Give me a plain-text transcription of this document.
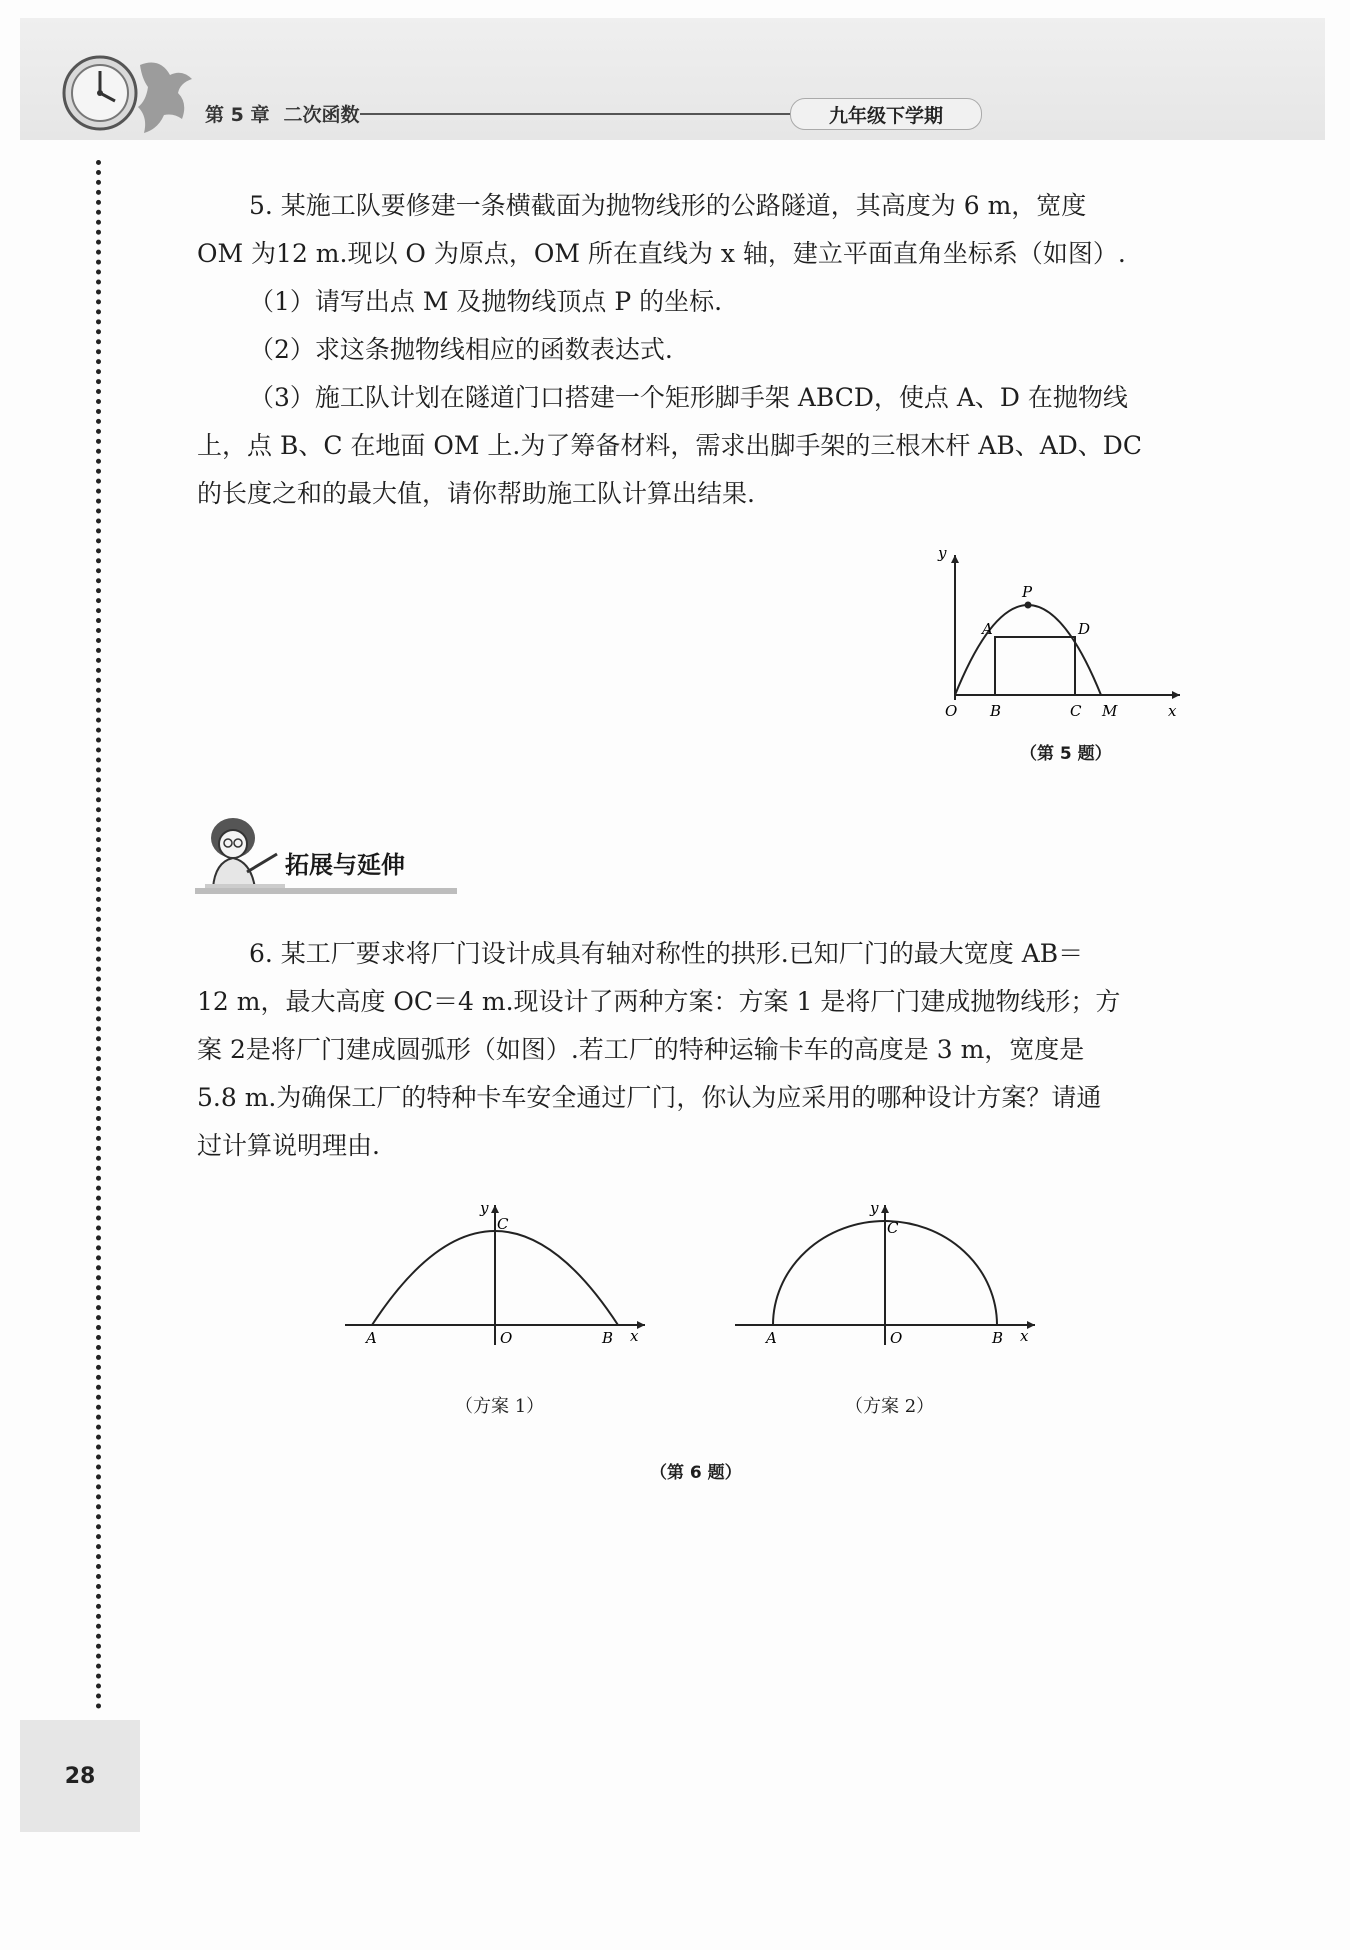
第 5 章 二次函数	九年级下学期
5. 某施工队要修建一条横截面为抛物线形的公路隧道，其高度为 6 m，宽度
OM 为12 m.现以 O 为原点，OM 所在直线为 x 轴，建立平面直角坐标系（如图）.
（1）请写出点 M 及抛物线顶点 P 的坐标.
（2）求这条抛物线相应的函数表达式.
（3）施工队计划在隧道门口搭建一个矩形脚手架 ABCD，使点 A、D 在抛物线
上，点 B、C 在地面 OM 上.为了筹备材料，需求出脚手架的三根木杆 AB、AD、DC
的长度之和的最大值，请你帮助施工队计算出结果.
y
x
O B	C M
A	D
P
（第 5 题）
拓展与延伸
6. 某工厂要求将厂门设计成具有轴对称性的拱形.已知厂门的最大宽度 AB＝
12 m，最大高度 OC＝4 m.现设计了两种方案：方案 1 是将厂门建成抛物线形；方
案 2是将厂门建成圆弧形（如图）.若工厂的特种运输卡车的高度是 3 m，宽度是
5.8 m.为确保工厂的特种卡车安全通过厂门，你认为应采用的哪种设计方案？请通
过计算说明理由.
y
x
A	B
C
O
（方案 1）
y
x
A	B
C
O
（方案 2）
（第 6 题）
28
